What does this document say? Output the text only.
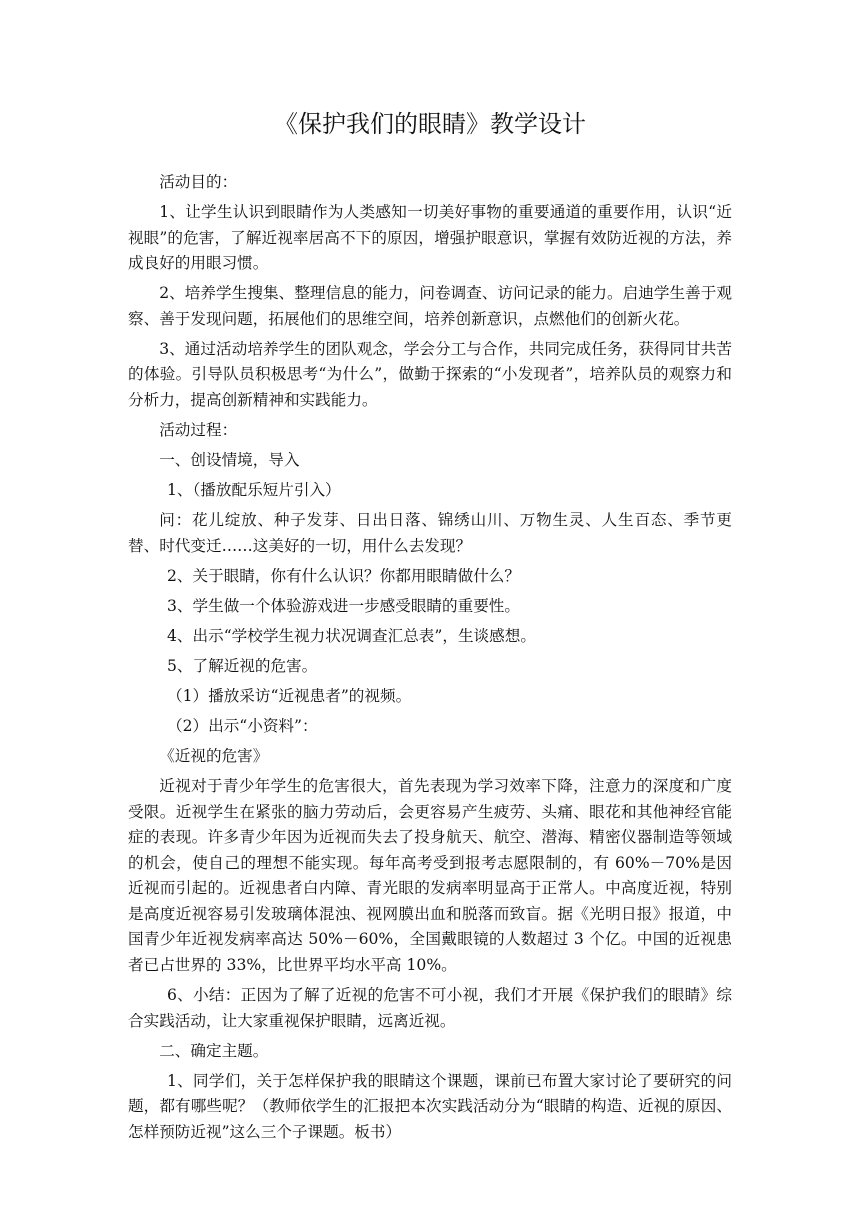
《保护我们的眼睛》教学设计

活动目的：

1、让学生认识到眼睛作为人类感知一切美好事物的重要通道的重要作用，认识“近视眼”的危害，了解近视率居高不下的原因，增强护眼意识，掌握有效防近视的方法，养成良好的用眼习惯。

2、培养学生搜集、整理信息的能力，问卷调查、访问记录的能力。启迪学生善于观察、善于发现问题，拓展他们的思维空间，培养创新意识，点燃他们的创新火花。

3、通过活动培养学生的团队观念，学会分工与合作，共同完成任务，获得同甘共苦的体验。引导队员积极思考“为什么”，做勤于探索的“小发现者”，培养队员的观察力和分析力，提高创新精神和实践能力。

活动过程：

一、创设情境，导入

1、（播放配乐短片引入）

问：花儿绽放、种子发芽、日出日落、锦绣山川、万物生灵、人生百态、季节更替、时代变迁……这美好的一切，用什么去发现？

2、关于眼睛，你有什么认识？你都用眼睛做什么？

3、学生做一个体验游戏进一步感受眼睛的重要性。

4、出示“学校学生视力状况调查汇总表”，生谈感想。

5、了解近视的危害。

（1）播放采访“近视患者”的视频。

（2）出示“小资料”：

《近视的危害》

近视对于青少年学生的危害很大，首先表现为学习效率下降，注意力的深度和广度受限。近视学生在紧张的脑力劳动后，会更容易产生疲劳、头痛、眼花和其他神经官能症的表现。许多青少年因为近视而失去了投身航天、航空、潜海、精密仪器制造等领域的机会，使自己的理想不能实现。每年高考受到报考志愿限制的，有 60%－70%是因近视而引起的。近视患者白内障、青光眼的发病率明显高于正常人。中高度近视，特别是高度近视容易引发玻璃体混浊、视网膜出血和脱落而致盲。据《光明日报》报道，中国青少年近视发病率高达 50%－60%，全国戴眼镜的人数超过 3 个亿。中国的近视患者已占世界的 33%，比世界平均水平高 10%。

6、小结：正因为了解了近视的危害不可小视，我们才开展《保护我们的眼睛》综合实践活动，让大家重视保护眼睛，远离近视。

二、确定主题。

1、同学们，关于怎样保护我的眼睛这个课题，课前已布置大家讨论了要研究的问题，都有哪些呢？（教师依学生的汇报把本次实践活动分为“眼睛的构造、近视的原因、怎样预防近视”这么三个子课题。板书）
